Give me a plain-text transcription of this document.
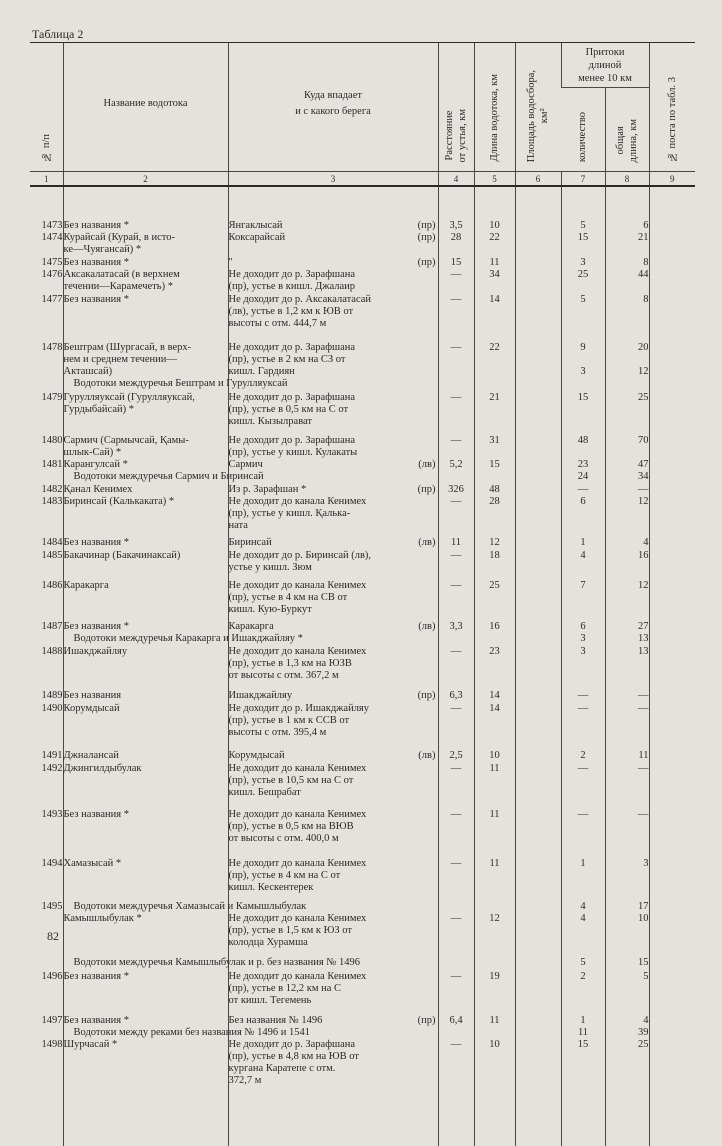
Таблица 2
№ п/п	Название водотока	Куда впадает
и с какого берега	Расстояние от устья, км	Длина водотока, км	Площадь водосбора, км²	Притоки
длиной
менее 10 км		№ поста по табл. 3
						количество	общая длина, км	
1	2	3	4	5	6	7	8	9
1473	Без названия *	Янгаклысай (пр)	3,5	10		5	6	
1474	Курайсай (Курай, в исто-	Коксарайсай (пр)	28	22		15	21	
	ке—Чуягансай) *	

1475	Без названия *	" (пр)	15	11		3	8	
1476	Аксакалатасай (в верхнем	Не доходит до р. Зарафшана	—	34		25	44	
	течении—Карамечеть) *	(пр), устье в кишл. Джалаир						

1477	Без названия *	Не доходит до р. Аксакалатасай	—	14		5	8	

		(лв), устье в 1,2 км к ЮВ от						

		высоты с отм. 444,7 м						

1478	Бештрам (Шургасай, в верх-	Не доходит до р. Зарафшана	—	22		9	20	
	нем и среднем течении—	(пр), устье в 2 км на СЗ от						

	Акташсай)	кишл. Гардиян				3	12	
	Водотоки междуречья Бештрам и Гурулляуксай	

1479	Гурулляуксай (Гурулляуксай,	Не доходит до р. Зарафшана	—	21		15	25	
	Гурдыбайсай) *	(пр), устье в 0,5 км на С от						

		кишл. Кызылрават						

1480	Сармич (Сармычсай, Қамы-	Не доходит до р. Зарафшана	—	31		48	70	
	шлык-Сай) *	(пр), устье у кишл. Кулакаты						

1481	Карангулсай *	Сармич (лв)	5,2	15		23	47	
	Водотоки междуречья Сармич и Биринсай					24	34	
1482	Қанал Кенимех	Из р. Зарафшан * (пр)	326	48		—	—	
1483	Биринсай (Калькаката) *	Не доходит до канала Кенимех	—	28		6	12	

		(пр), устье у кишл. Қалька-						

		ната						

1484	Без названия *	Биринсай (лв)	11	12		1	4	
1485	Бакачинар (Бакачинаксай)	Не доходит до р. Биринсай (лв),	—	18		4	16	

		устье у кишл. Зюм						

1486	Каракарга	Не доходит до канала Кенимех	—	25		7	12	

		(пр), устье в 4 км на СВ от						

		кишл. Кую-Буркут						

1487	Без названия *	Каракарга (лв)	3,3	16		6	27	
	Водотоки междуречья Каракарга и Ишакджайляу *					3	13	
1488	Ишакджайляу	Не доходит до канала Кенимех	—	23		3	13	

		(пр), устье в 1,3 км на ЮЗВ						

		от высоты с отм. 367,2 м						

1489	Без названия	Ишакджайляу (пр)	6,3	14		—	—	
1490	Корумдысай	Не доходит до р. Ишакджайляу	—	14		—	—	

		(пр), устье в 1 км к ССВ от						

		высоты с отм. 395,4 м						

1491	Джналансай	Корумдысай (лв)	2,5	10		2	11	
1492	Джингилдыбулак	Не доходит до канала Кенимех	—	11		—	—	

		(пр), устье в 10,5 км на С от						

		кишл. Бешрабат						

1493	Без названия *	Не доходит до канала Кенимех	—	11		—	—	

		(пр), устье в 0,5 км на ВЮВ						

		от высоты с отм. 400,0 м						

1494	Хамазысай *	Не доходит до канала Кенимех	—	11		1	3	

		(пр), устье в 4 км на С от						

		кишл. Кескентерек						

1495	Водотоки междуречья Хамазысай и Камышлыбулак					4	17	
	Камышлыбулак *	Не доходит до канала Кенимех	—	12		4	10	

		(пр), устье в 1,5 км к ЮЗ от						

		колодца Хурамша						

	Водотоки междуречья Камышлыбулак и р. без названия № 1496					5	15	
1496	Без названия *	Не доходит до канала Кенимех	—	19		2	5	

		(пр), устье в 12,2 км на С						

		от кишл. Тегемень						

1497	Без названия *	Без названия № 1496 (пр)	6,4	11		1	4	
	Водотоки между реками без названия № 1496 и 1541					11	39	
1498	Шурчасай *	Не доходит до р. Зарафшана	—	10		15	25	

		(пр), устье в 4,8 км на ЮВ от						

		кургана Каратепе с отм.						

		372,7 м						

82
